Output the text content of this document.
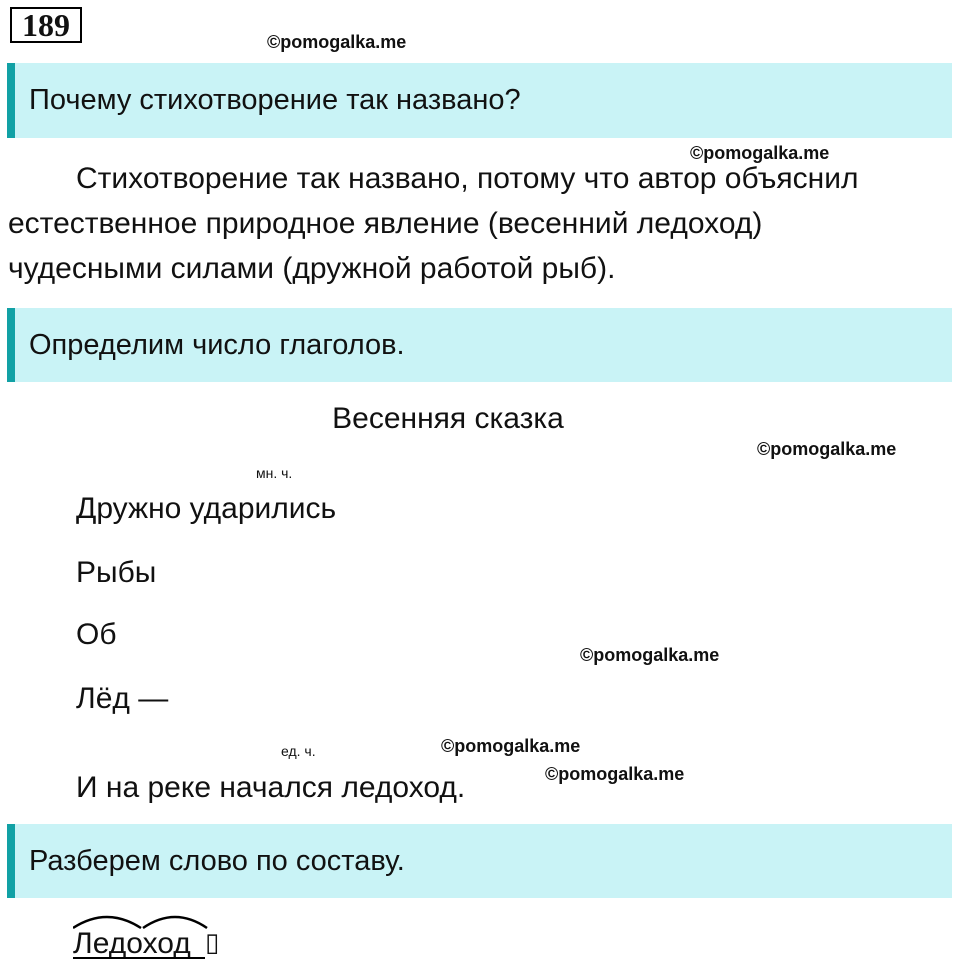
189	©pomogalka.me
Почему стихотворение так названо?
©pomogalka.me
Стихотворение так названо, потому что автор объяснил естественное природное явление (весенний ледоход) чудесными силами (дружной работой рыб).
Определим число глаголов.
Весенняя сказка
©pomogalka.me
мн. ч.
Дружно ударились
Рыбы
Об
Лёд —
©pomogalka.me
ед. ч.	©pomogalka.me
©pomogalka.me
И на реке начался ледоход.
Разберем слово по составу.
Ледоход ▯
